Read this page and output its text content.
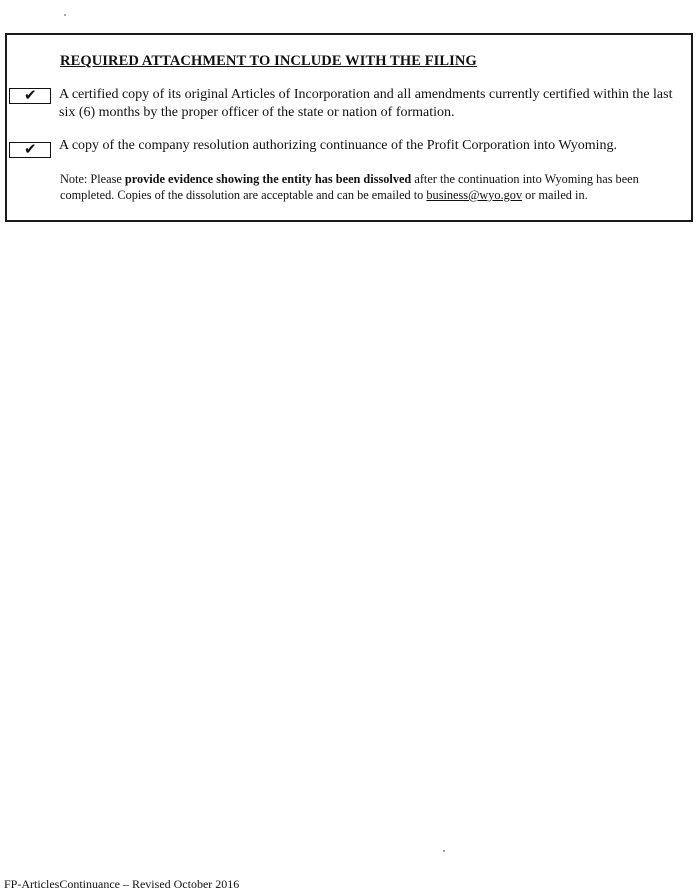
REQUIRED ATTACHMENT TO INCLUDE WITH THE FILING
✔ A certified copy of its original Articles of Incorporation and all amendments currently certified within the last six (6) months by the proper officer of the state or nation of formation.
✔ A copy of the company resolution authorizing continuance of the Profit Corporation into Wyoming.
Note: Please provide evidence showing the entity has been dissolved after the continuation into Wyoming has been completed. Copies of the dissolution are acceptable and can be emailed to business@wyo.gov or mailed in.
FP-ArticlesContinuance – Revised October 2016
